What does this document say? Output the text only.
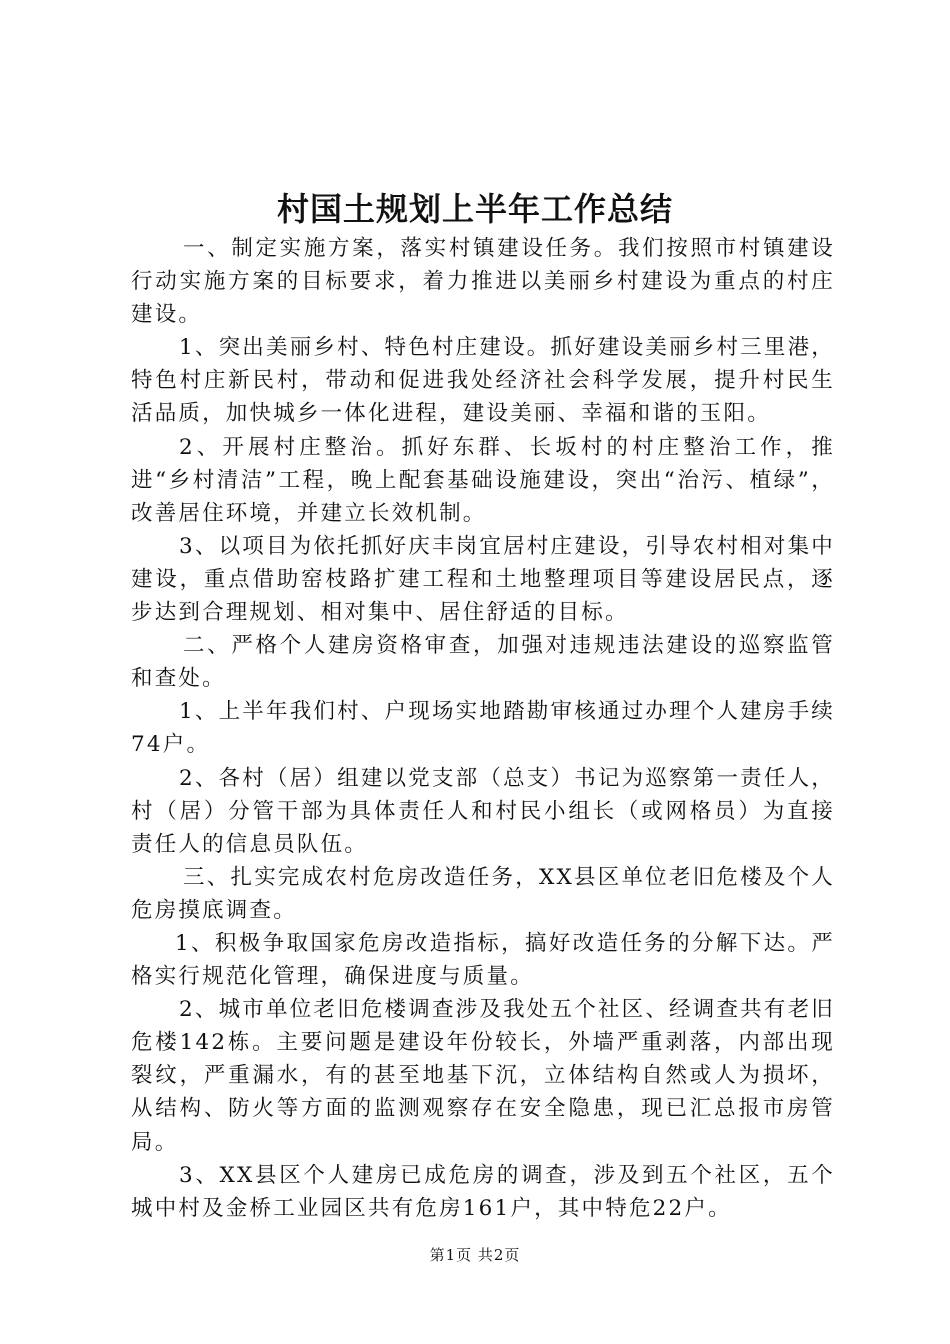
村国土规划上半年工作总结

一、制定实施方案，落实村镇建设任务。我们按照市村镇建设行动实施方案的目标要求，着力推进以美丽乡村建设为重点的村庄建设。

1、突出美丽乡村、特色村庄建设。抓好建设美丽乡村三里港，特色村庄新民村，带动和促进我处经济社会科学发展，提升村民生活品质，加快城乡一体化进程，建设美丽、幸福和谐的玉阳。

2、开展村庄整治。抓好东群、长坂村的村庄整治工作，推进“乡村清洁”工程，晚上配套基础设施建设，突出“治污、植绿”，改善居住环境，并建立长效机制。

3、以项目为依托抓好庆丰岗宜居村庄建设，引导农村相对集中建设，重点借助窑枝路扩建工程和土地整理项目等建设居民点，逐步达到合理规划、相对集中、居住舒适的目标。

二、严格个人建房资格审查，加强对违规违法建设的巡察监管和查处。

1、上半年我们村、户现场实地踏勘审核通过办理个人建房手续74户。

2、各村（居）组建以党支部（总支）书记为巡察第一责任人，村（居）分管干部为具体责任人和村民小组长（或网格员）为直接责任人的信息员队伍。

三、扎实完成农村危房改造任务，XX县区单位老旧危楼及个人危房摸底调查。

1、积极争取国家危房改造指标，搞好改造任务的分解下达。严格实行规范化管理，确保进度与质量。

2、城市单位老旧危楼调查涉及我处五个社区、经调查共有老旧危楼142栋。主要问题是建设年份较长，外墙严重剥落，内部出现裂纹，严重漏水，有的甚至地基下沉，立体结构自然或人为损坏，从结构、防火等方面的监测观察存在安全隐患，现已汇总报市房管局。

3、XX县区个人建房已成危房的调查，涉及到五个社区，五个城中村及金桥工业园区共有危房161户，其中特危22户。

第1页 共2页
